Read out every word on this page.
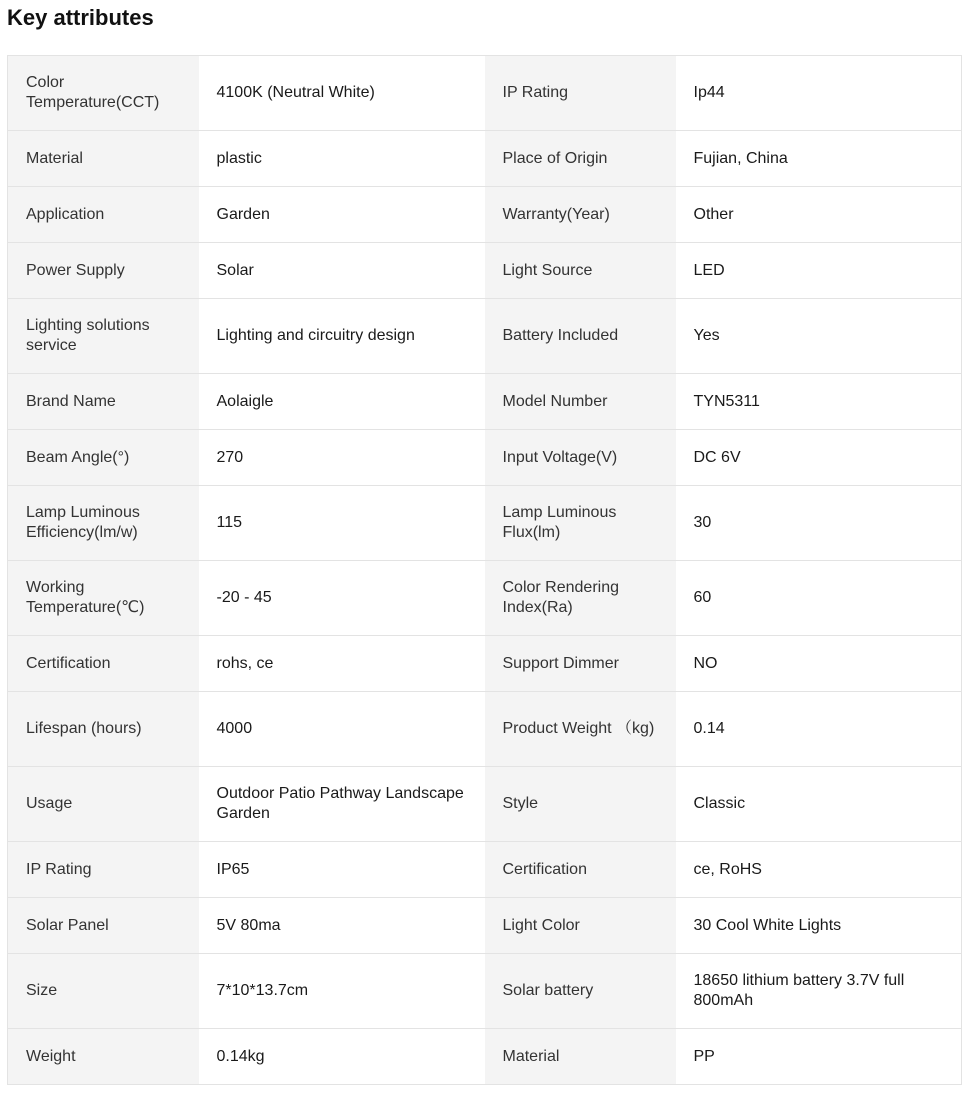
Key attributes
Color Temperature(CCT)	4100K (Neutral White)	IP Rating	Ip44
Material	plastic	Place of Origin	Fujian, China
Application	Garden	Warranty(Year)	Other
Power Supply	Solar	Light Source	LED
Lighting solutions service	Lighting and circuitry design	Battery Included	Yes
Brand Name	Aolaigle	Model Number	TYN5311
Beam Angle(°)	270	Input Voltage(V)	DC 6V
Lamp Luminous Efficiency(lm/w)	115	Lamp Luminous Flux(lm)	30
Working Temperature(℃)	-20 - 45	Color Rendering Index(Ra)	60
Certification	rohs, ce	Support Dimmer	NO
Lifespan (hours)	4000	Product Weight （kg)	0.14
Usage	Outdoor Patio Pathway Landscape Garden	Style	Classic
IP Rating	IP65	Certification	ce, RoHS
Solar Panel	5V 80ma	Light Color	30 Cool White Lights
Size	7*10*13.7cm	Solar battery	18650 lithium battery 3.7V full 800mAh
Weight	0.14kg	Material	PP
